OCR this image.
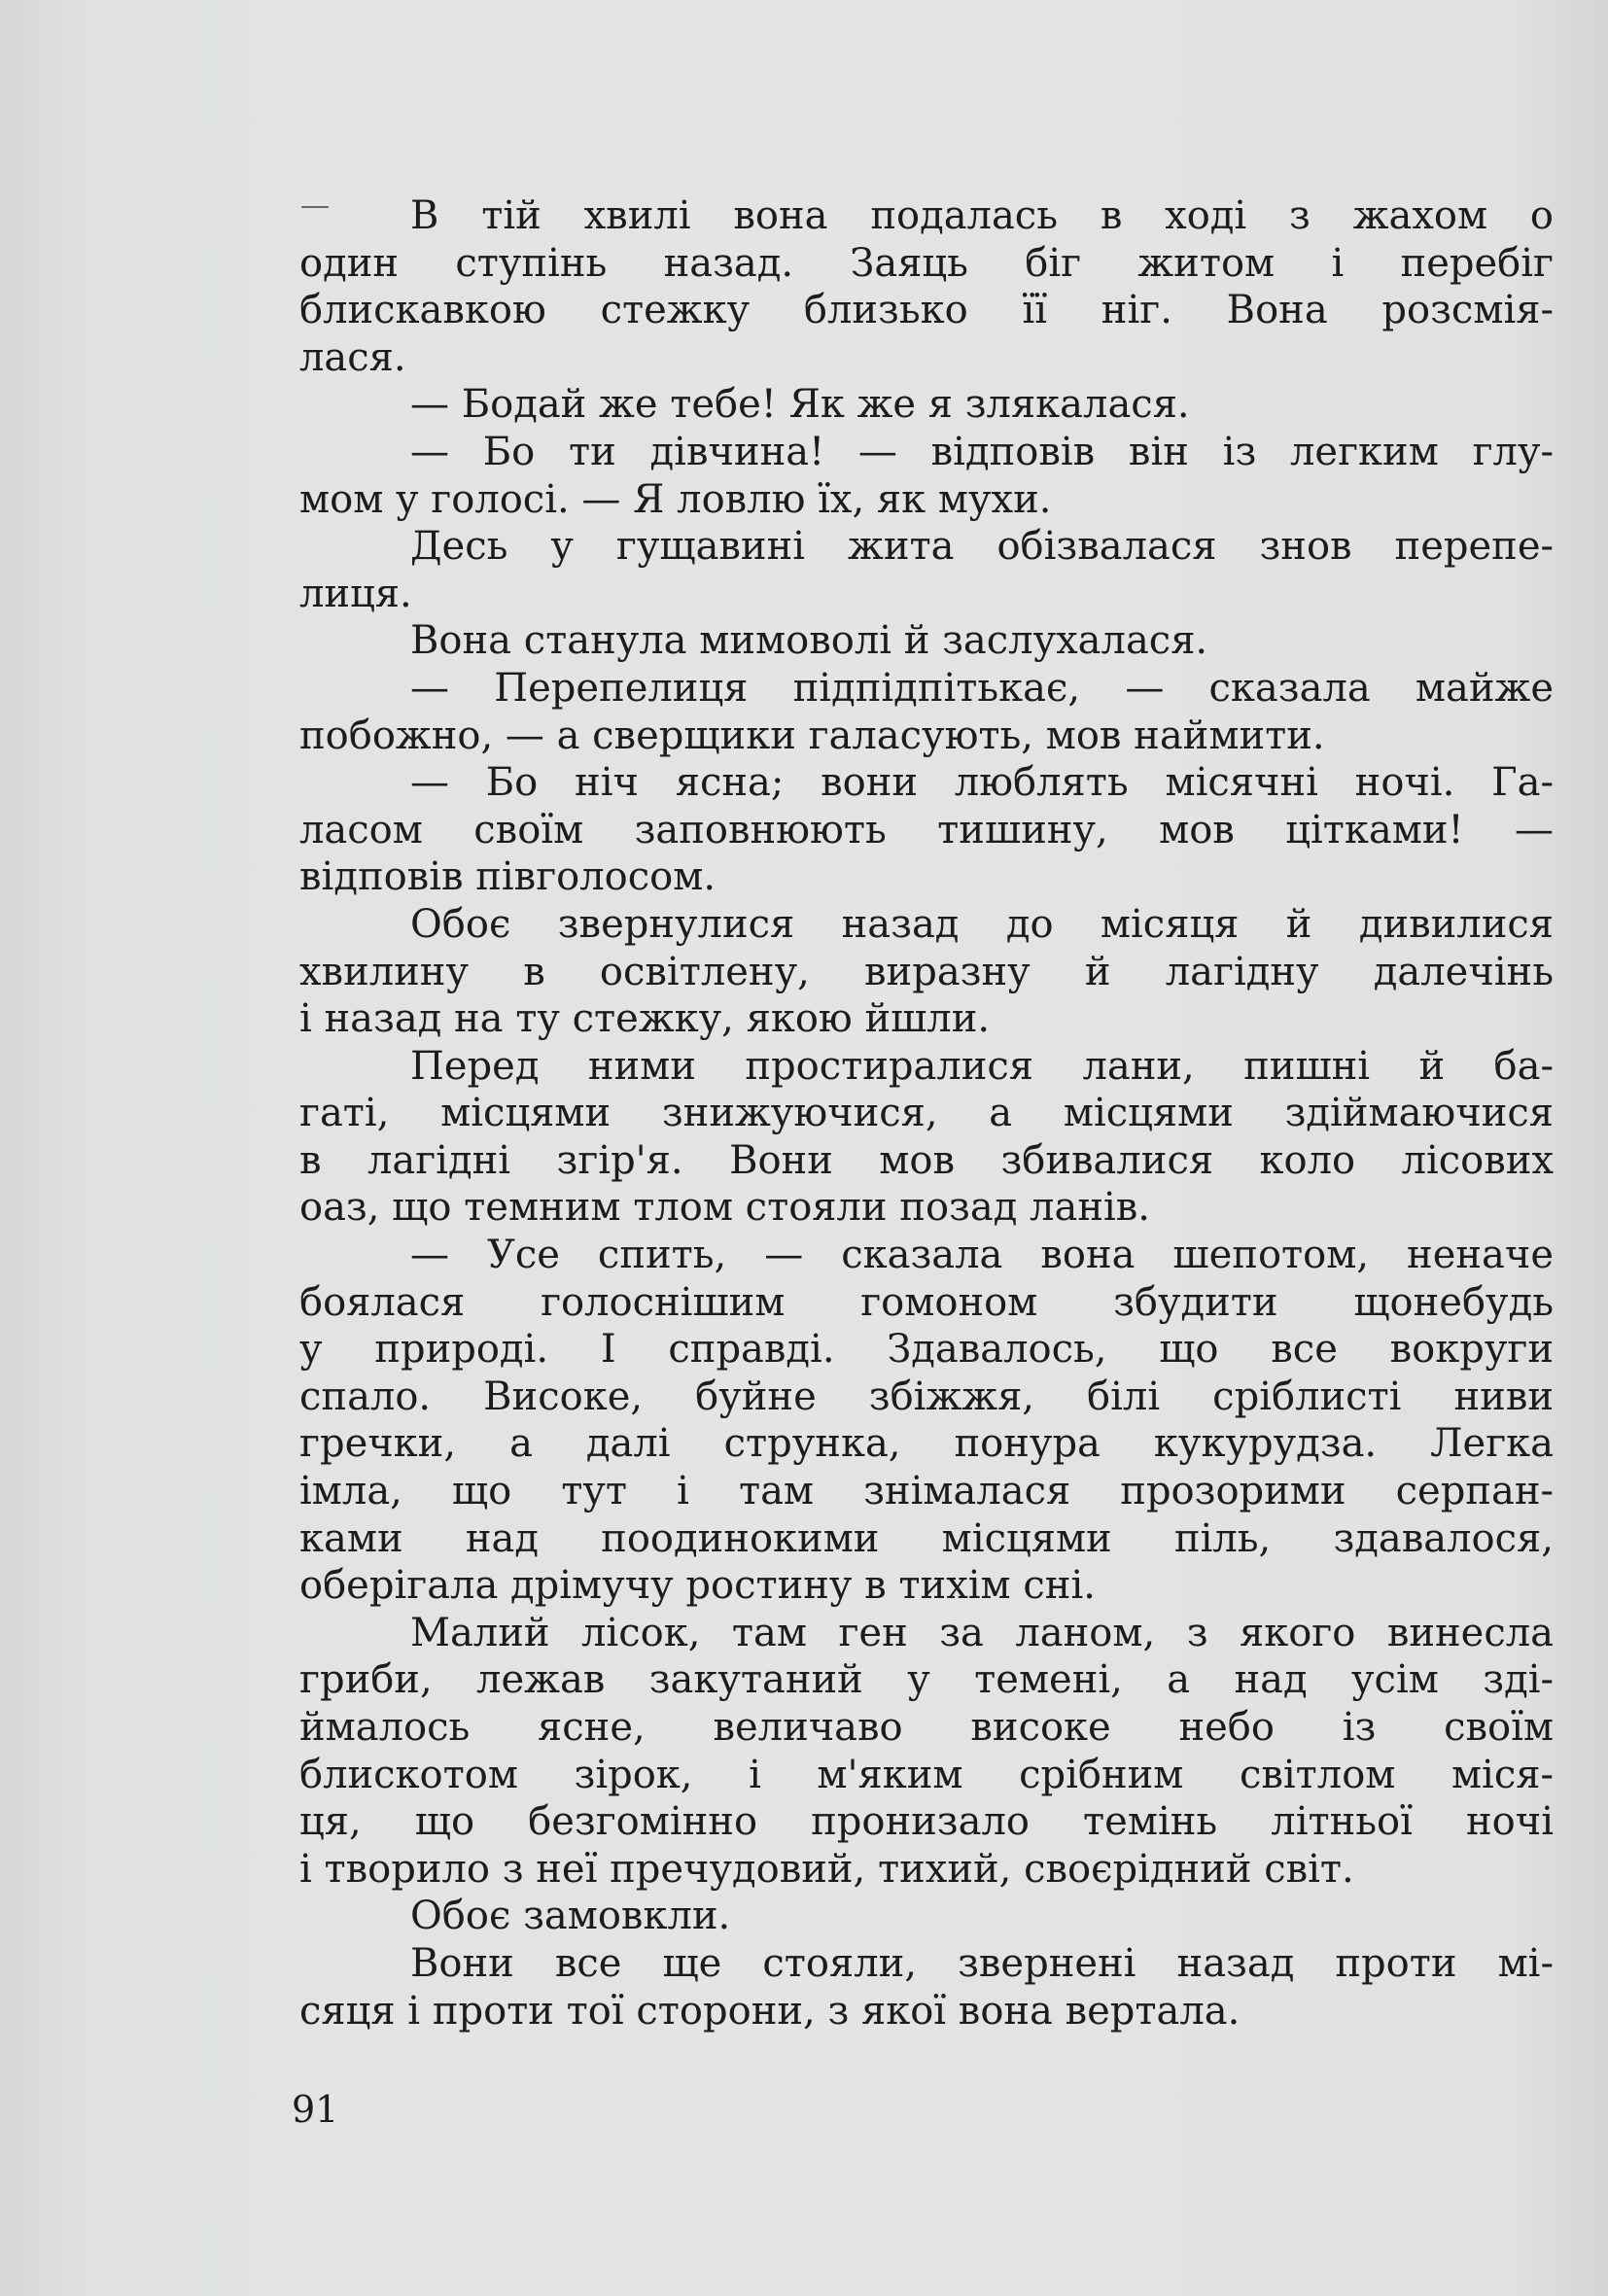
В тій хвилі вона подалась в ході з жахом о
один ступінь назад. Заяць біг житом і перебіг
блискавкою стежку близько її ніг. Вона розсмія-
лася.
— Бодай же тебе! Як же я злякалася.
— Бо ти дівчина! — відповів він із легким глу-
мом у голосі. — Я ловлю їх, як мухи.
Десь у гущавині жита обізвалася знов перепе-
лиця.
Вона станула мимоволі й заслухалася.
— Перепелиця підпідпітькає, — сказала майже
побожно, — а сверщики галасують, мов наймити.
— Бо ніч ясна; вони люблять місячні ночі. Га-
ласом своїм заповнюють тишину, мов цітками! —
відповів півголосом.
Обоє звернулися назад до місяця й дивилися
хвилину в освітлену, виразну й лагідну далечінь
і назад на ту стежку, якою йшли.
Перед ними простиралися лани, пишні й ба-
гаті, місцями знижуючися, а місцями здіймаючися
в лагідні згір'я. Вони мов збивалися коло лісових
оаз, що темним тлом стояли позад ланів.
— Усе спить, — сказала вона шепотом, неначе
боялася голоснішим гомоном збудити щонебудь
у природі. І справді. Здавалось, що все вокруги
спало. Високе, буйне збіжжя, білі сріблисті ниви
гречки, а далі струнка, понура кукурудза. Легка
імла, що тут і там знімалася прозорими серпан-
ками над поодинокими місцями піль, здавалося,
оберігала дрімучу ростину в тихім сні.
Малий лісок, там ген за ланом, з якого винесла
гриби, лежав закутаний у темені, а над усім зді-
ймалось ясне, величаво високе небо із своїм
блискотом зірок, і м'яким срібним світлом міся-
ця, що безгомінно пронизало темінь літньої ночі
і творило з неї пречудовий, тихий, своєрідний світ.
Обоє замовкли.
Вони все ще стояли, звернені назад проти мі-
сяця і проти тої сторони, з якої вона вертала.
91
